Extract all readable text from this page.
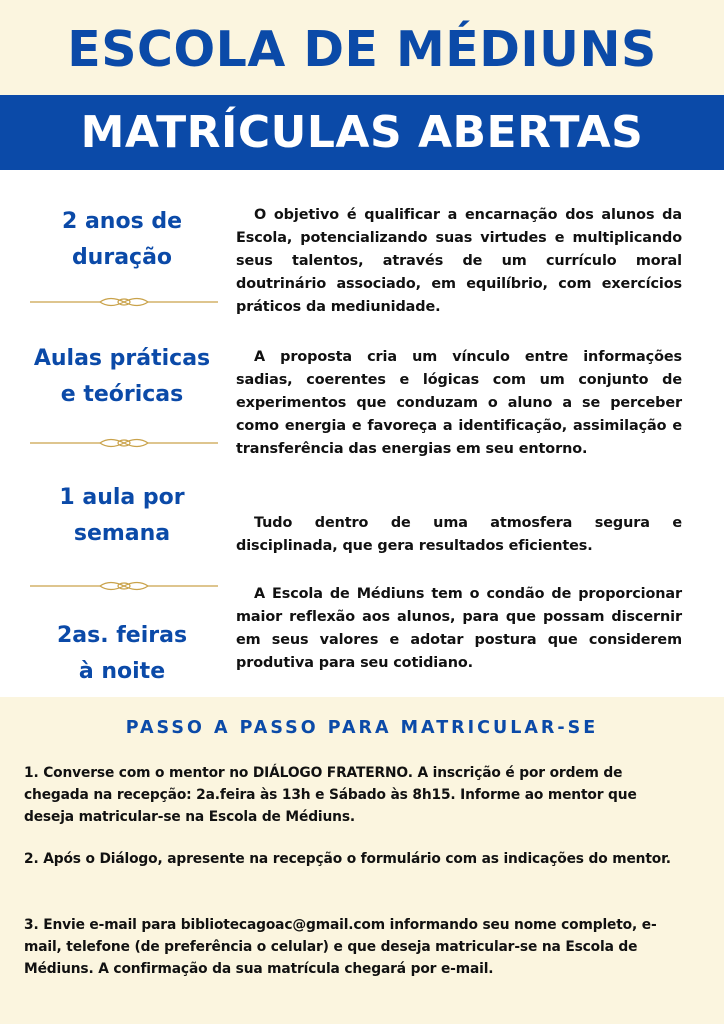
ESCOLA DE MÉDIUNS
MATRÍCULAS ABERTAS
2 anos de
duração
Aulas práticas
e teóricas
1 aula por
semana
2as. feiras
à noite

O objetivo é qualificar a encarnação dos alunos da Escola, potencializando suas virtudes e multiplicando seus talentos, através de um currículo moral doutrinário associado, em equilíbrio, com exercícios práticos da mediunidade.

A proposta cria um vínculo entre informações sadias, coerentes e lógicas com um conjunto de experimentos que conduzam o aluno a se perceber como energia e favoreça a identificação, assimilação e transferência das energias em seu entorno.

Tudo dentro de uma atmosfera segura e disciplinada, que gera resultados eficientes.

A Escola de Médiuns tem o condão de proporcionar maior reflexão aos alunos, para que possam discernir em seus valores e adotar postura que considerem produtiva para seu cotidiano.

PASSO A PASSO PARA MATRICULAR-SE

1. Converse com o mentor no DIÁLOGO FRATERNO. A inscrição é por ordem de chegada na recepção: 2a.feira às 13h e Sábado às 8h15. Informe ao mentor que deseja matricular-se na Escola de Médiuns.

2. Após o Diálogo, apresente na recepção o formulário com as indicações do mentor.

3. Envie e-mail para bibliotecagoac@gmail.com informando seu nome completo, e-mail, telefone (de preferência o celular) e que deseja matricular-se na Escola de Médiuns. A confirmação da sua matrícula chegará por e-mail.
